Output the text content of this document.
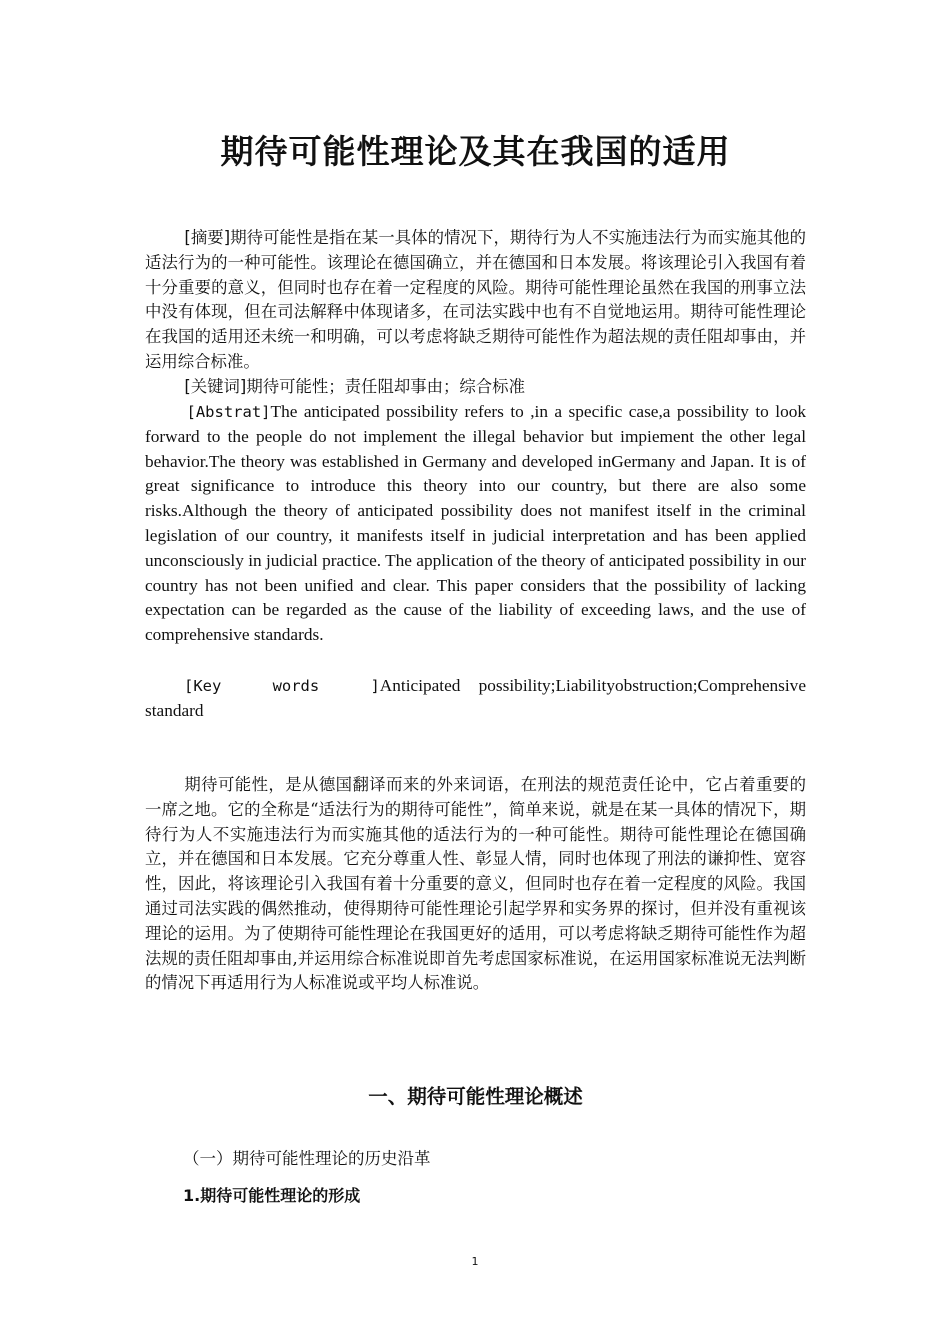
期待可能性理论及其在我国的适用

[摘要]期待可能性是指在某一具体的情况下，期待行为人不实施违法行为而实施其他的适法行为的一种可能性。该理论在德国确立，并在德国和日本发展。将该理论引入我国有着十分重要的意义，但同时也存在着一定程度的风险。期待可能性理论虽然在我国的刑事立法中没有体现，但在司法解释中体现诸多，在司法实践中也有不自觉地运用。期待可能性理论在我国的适用还未统一和明确，可以考虑将缺乏期待可能性作为超法规的责任阻却事由，并运用综合标准。

[关键词]期待可能性；责任阻却事由；综合标准

[Abstrat]The anticipated possibility refers to ,in a specific case,a possibility to look forward to the people do not implement the illegal behavior but impiement the other legal behavior.The theory was established in Germany and developed inGermany and Japan. It is of great significance to introduce this theory into our country, but there are also some risks.Although the theory of anticipated possibility does not manifest itself in the criminal legislation of our country, it manifests itself in judicial interpretation and has been applied unconsciously in judicial practice. The application of the theory of anticipated possibility in our country has not been unified and clear. This paper considers that the possibility of lacking expectation can be regarded as the cause of the liability of exceeding laws, and the use of comprehensive standards.

[Key words ]Anticipated possibility;Liabilityobstruction;Comprehensive
standard

期待可能性，是从德国翻译而来的外来词语，在刑法的规范责任论中，它占着重要的一席之地。它的全称是“适法行为的期待可能性”，简单来说，就是在某一具体的情况下，期待行为人不实施违法行为而实施其他的适法行为的一种可能性。期待可能性理论在德国确立，并在德国和日本发展。它充分尊重人性、彰显人情，同时也体现了刑法的谦抑性、宽容性，因此，将该理论引入我国有着十分重要的意义，但同时也存在着一定程度的风险。我国通过司法实践的偶然推动，使得期待可能性理论引起学界和实务界的探讨，但并没有重视该理论的运用。为了使期待可能性理论在我国更好的适用，可以考虑将缺乏期待可能性作为超法规的责任阻却事由,并运用综合标准说即首先考虑国家标准说，在运用国家标准说无法判断的情况下再适用行为人标准说或平均人标准说。

一、期待可能性理论概述
（一）期待可能性理论的历史沿革
1.期待可能性理论的形成
1
